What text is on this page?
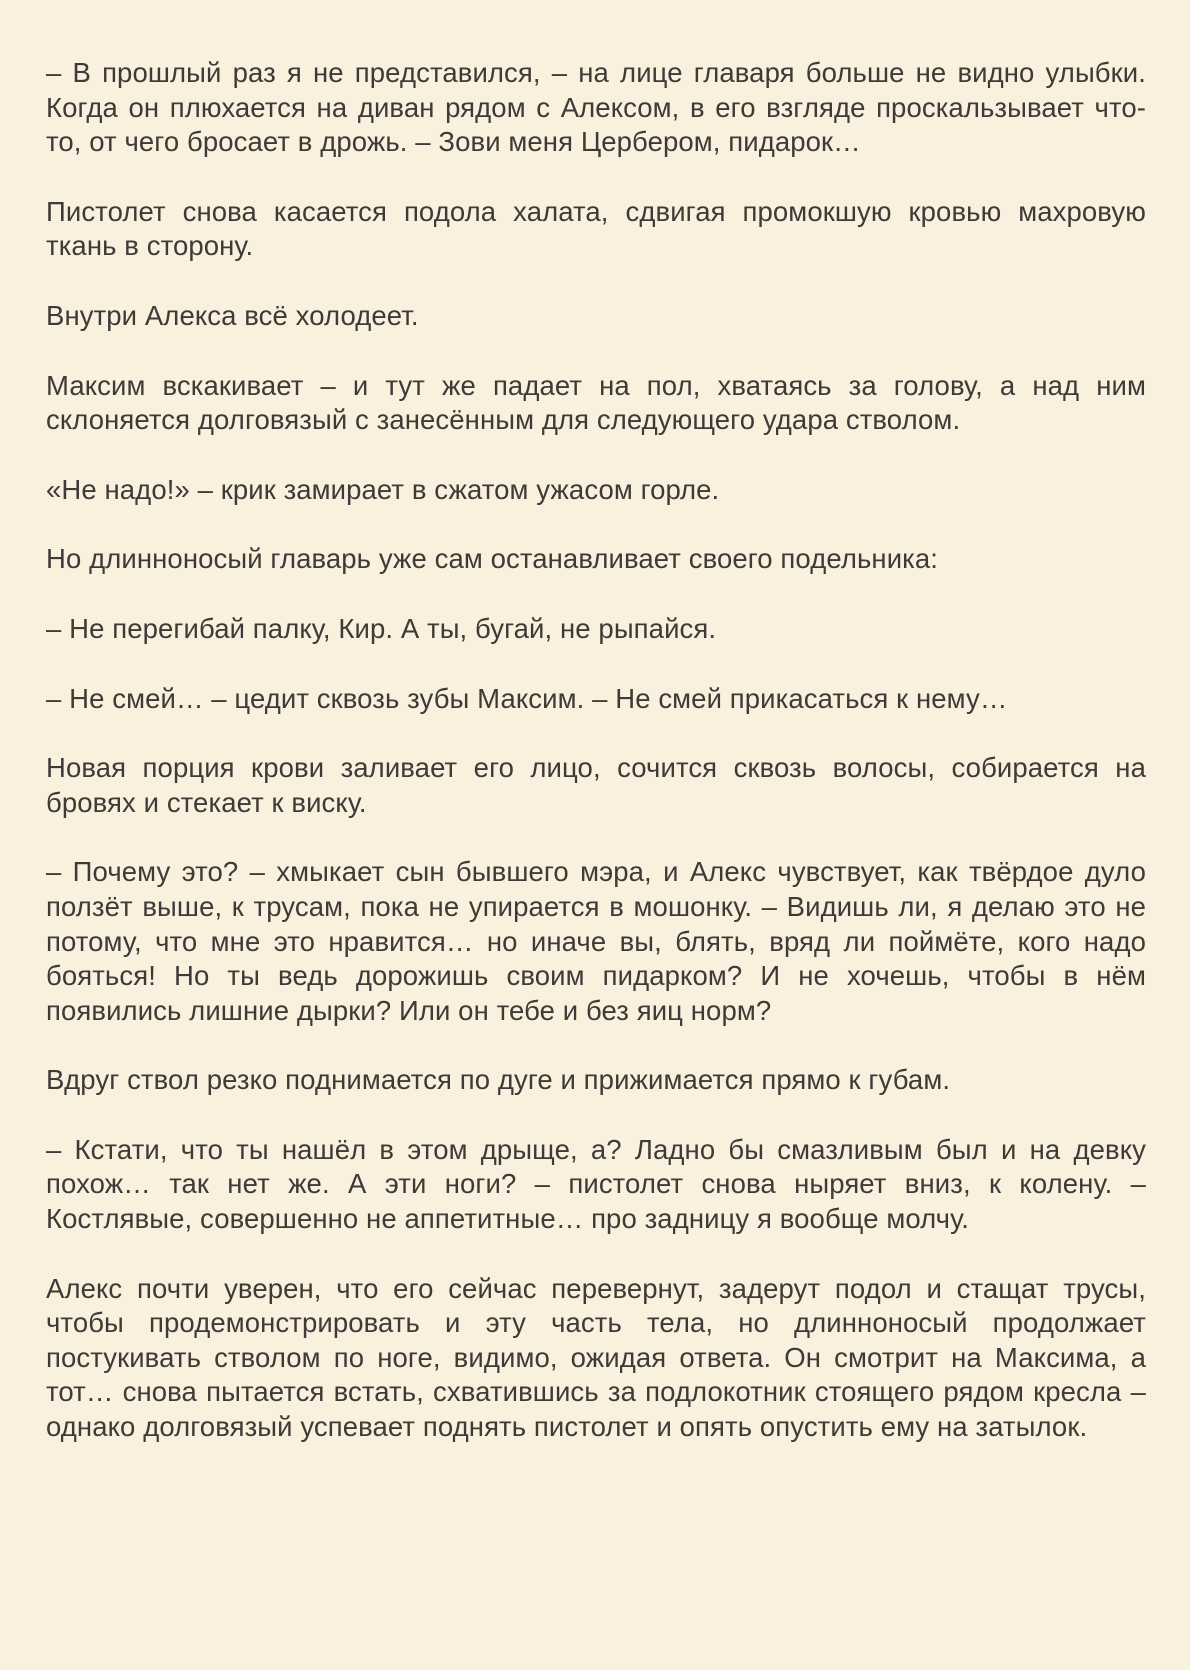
– В прошлый раз я не представился, – на лице главаря больше не видно улыбки. Когда он плюхается на диван рядом с Алексом, в его взгляде проскальзывает что-то, от чего бросает в дрожь. – Зови меня Цербером, пидарок…

Пистолет снова касается подола халата, сдвигая промокшую кровью махровую ткань в сторону.

Внутри Алекса всё холодеет.

Максим вскакивает – и тут же падает на пол, хватаясь за голову, а над ним склоняется долговязый с занесённым для следующего удара стволом.

«Не надо!» – крик замирает в сжатом ужасом горле.

Но длинноносый главарь уже сам останавливает своего подельника:

– Не перегибай палку, Кир. А ты, бугай, не рыпайся.

– Не смей… – цедит сквозь зубы Максим. – Не смей прикасаться к нему…

Новая порция крови заливает его лицо, сочится сквозь волосы, собирается на бровях и стекает к виску.

– Почему это? – хмыкает сын бывшего мэра, и Алекс чувствует, как твёрдое дуло ползёт выше, к трусам, пока не упирается в мошонку. – Видишь ли, я делаю это не потому, что мне это нравится… но иначе вы, блять, вряд ли поймёте, кого надо бояться! Но ты ведь дорожишь своим пидарком? И не хочешь, чтобы в нём появились лишние дырки? Или он тебе и без яиц норм?

Вдруг ствол резко поднимается по дуге и прижимается прямо к губам.

– Кстати, что ты нашёл в этом дрыще, а? Ладно бы смазливым был и на девку похож… так нет же. А эти ноги? – пистолет снова ныряет вниз, к колену. – Костлявые, совершенно не аппетитные… про задницу я вообще молчу.

Алекс почти уверен, что его сейчас перевернут, задерут подол и стащат трусы, чтобы продемонстрировать и эту часть тела, но длинноносый продолжает постукивать стволом по ноге, видимо, ожидая ответа. Он смотрит на Максима, а тот… снова пытается встать, схватившись за подлокотник стоящего рядом кресла – однако долговязый успевает поднять пистолет и опять опустить ему на затылок.
